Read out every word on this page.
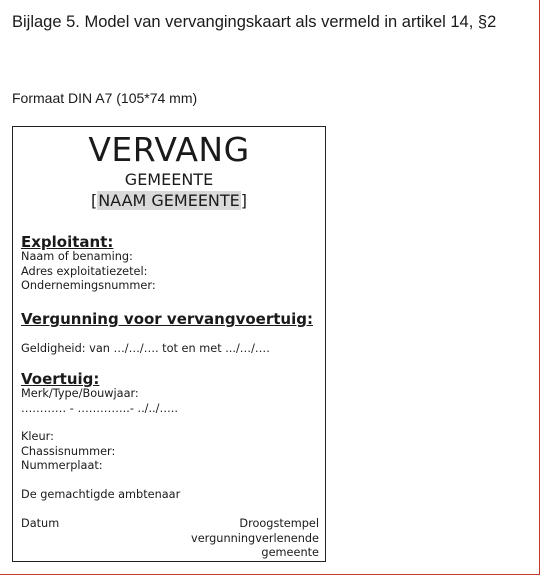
Bijlage 5. Model van vervangingskaart als vermeld in artikel 14, §2
Formaat DIN A7 (105*74 mm)
VERVANG
GEMEENTE
[NAAM GEMEENTE]
Exploitant:
Naam of benaming:
Adres exploitatiezetel:
Ondernemingsnummer:
Vergunning voor vervangvoertuig:
Geldigheid: van …/…/…. tot en met .../…/….
Voertuig:
Merk/Type/Bouwjaar:
………… - …………..- ../../…..
Kleur:
Chassisnummer:
Nummerplaat:
De gemachtigde ambtenaar
Datum	Droogstempel
vergunningverlenende
gemeente
